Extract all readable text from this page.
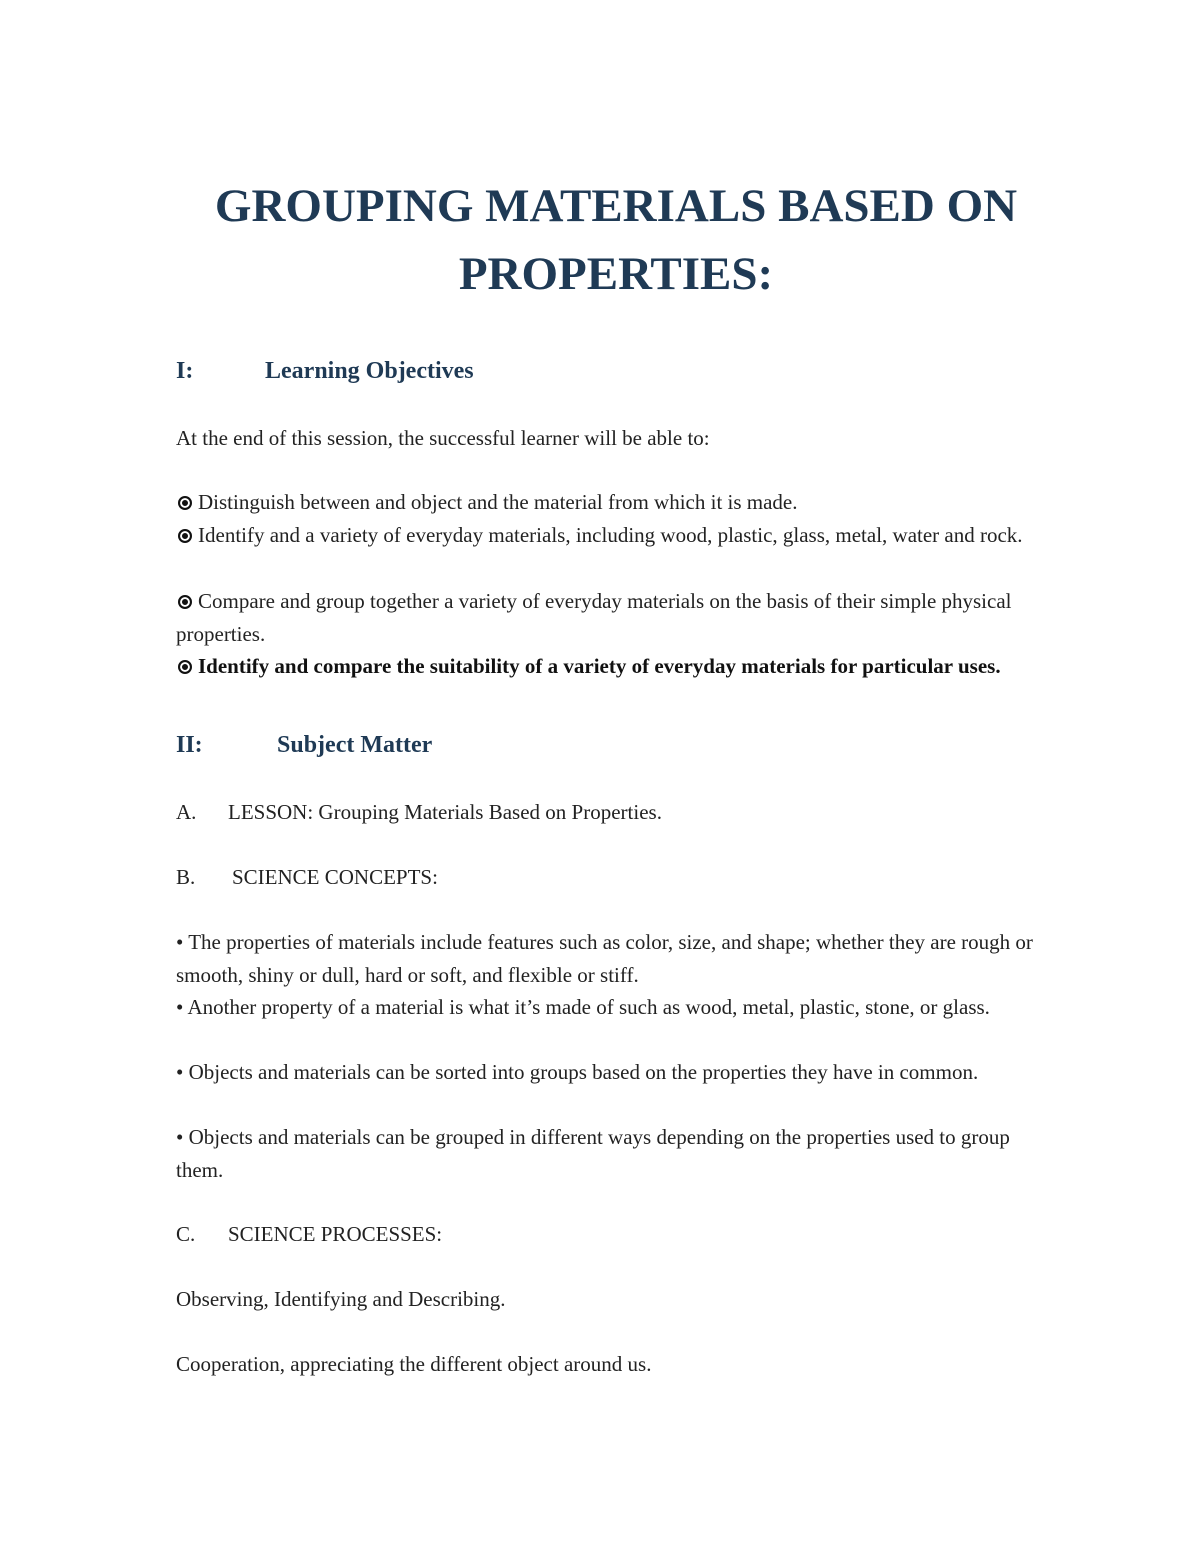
GROUPING MATERIALS BASED ON PROPERTIES:
I:	Learning Objectives

At the end of this session, the successful learner will be able to:

Distinguish between and object and the material from which it is made.

Identify and a variety of everyday materials, including wood, plastic, glass, metal, water and rock.

Compare and group together a variety of everyday materials on the basis of their simple physical properties.

Identify and compare the suitability of a variety of everyday materials for particular uses.

II:	Subject Matter

A. LESSON: Grouping Materials Based on Properties.

B. SCIENCE CONCEPTS:

• The properties of materials include features such as color, size, and shape; whether they are rough or smooth, shiny or dull, hard or soft, and flexible or stiff.

• Another property of a material is what it’s made of such as wood, metal, plastic, stone, or glass.

• Objects and materials can be sorted into groups based on the properties they have in common.

• Objects and materials can be grouped in different ways depending on the properties used to group them.

C. SCIENCE PROCESSES:

Observing, Identifying and Describing.

Cooperation, appreciating the different object around us.
